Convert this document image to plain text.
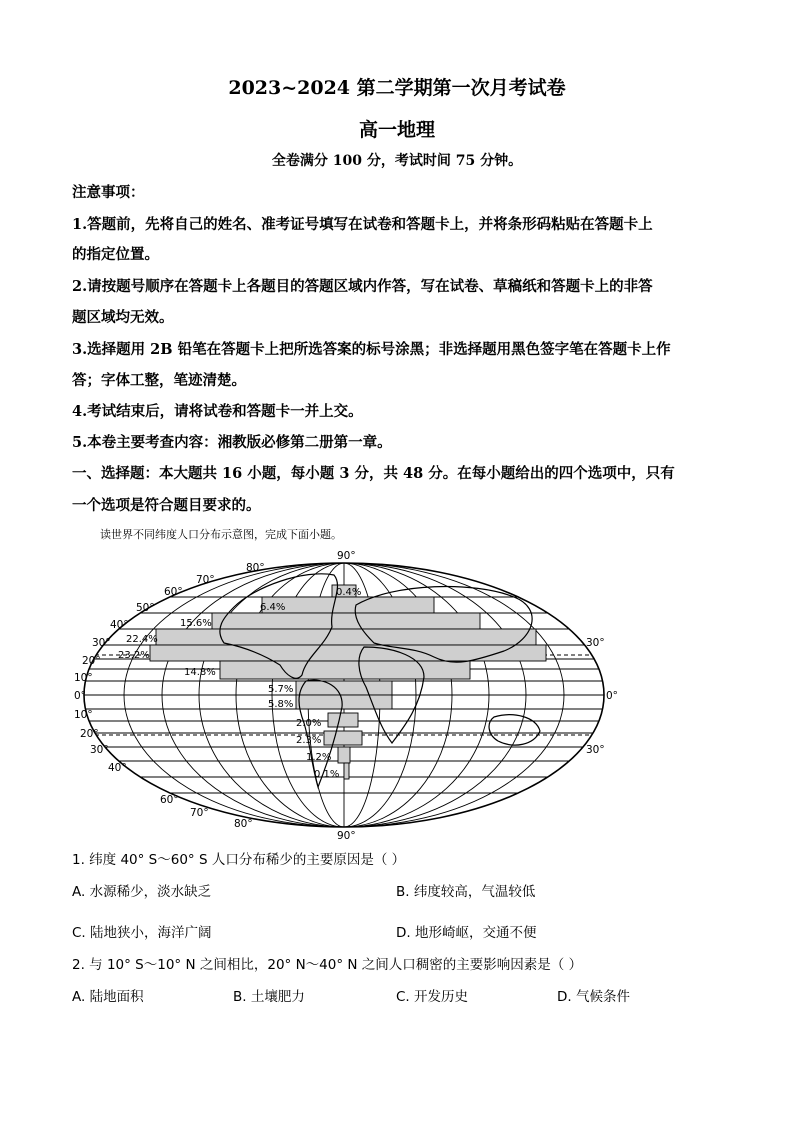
2023~2024 第二学期第一次月考试卷
高一地理
全卷满分 100 分，考试时间 75 分钟。
注意事项：
1.答题前，先将自己的姓名、准考证号填写在试卷和答题卡上，并将条形码粘贴在答题卡上
的指定位置。
2.请按题号顺序在答题卡上各题目的答题区域内作答，写在试卷、草稿纸和答题卡上的非答
题区域均无效。
3.选择题用 2B 铅笔在答题卡上把所选答案的标号涂黑；非选择题用黑色签字笔在答题卡上作
答；字体工整，笔迹清楚。
4.考试结束后，请将试卷和答题卡一并上交。
5.本卷主要考查内容：湘教版必修第二册第一章。
一、选择题：本大题共 16 小题，每小题 3 分，共 48 分。在每小题给出的四个选项中，只有
一个选项是符合题目要求的。
读世界不同纬度人口分布示意图，完成下面小题。
0.4%
6.4%
15.6%
22.4%
23.2%
14.8%
5.7%
5.8%
2.0%
2.3%
1.2%
0.1%
90°
80°
70°
60°
50°
40°
30°
20°
10°
0°
10°
20°
30°
40°
60°
70°
80°
90°
30°
0°
30°
1. 纬度 40° S～60° S 人口分布稀少的主要原因是（ ）
A. 水源稀少，淡水缺乏	B. 纬度较高，气温较低
C. 陆地狭小，海洋广阔	D. 地形崎岖，交通不便
2. 与 10° S～10° N 之间相比，20° N～40° N 之间人口稠密的主要影响因素是（ ）
A. 陆地面积	B. 土壤肥力	C. 开发历史	D. 气候条件
